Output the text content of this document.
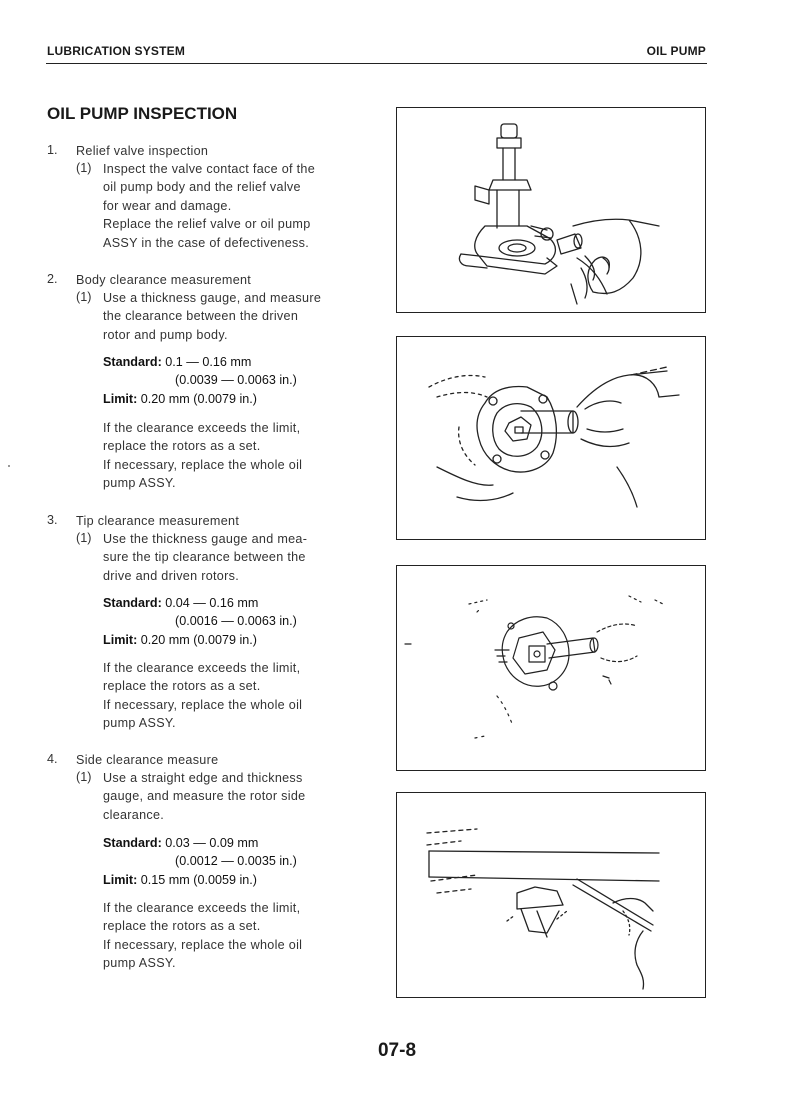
LUBRICATION SYSTEM	OIL PUMP
OIL PUMP INSPECTION
1. Relief valve inspection
(1) Inspect the valve contact face of the
oil pump body and the relief valve
for wear and damage.
Replace the relief valve or oil pump
ASSY in the case of defectiveness.
2. Body clearance measurement
(1) Use a thickness gauge, and measure
the clearance between the driven
rotor and pump body.
Standard: 0.1 — 0.16 mm

(0.0039 — 0.0063 in.)
Limit: 0.20 mm (0.0079 in.)
If the clearance exceeds the limit,
replace the rotors as a set.
If necessary, replace the whole oil
pump ASSY.
3. Tip clearance measurement
(1) Use the thickness gauge and mea-
sure the tip clearance between the
drive and driven rotors.
Standard: 0.04 — 0.16 mm

(0.0016 — 0.0063 in.)
Limit: 0.20 mm (0.0079 in.)
If the clearance exceeds the limit,
replace the rotors as a set.
If necessary, replace the whole oil
pump ASSY.
4. Side clearance measure
(1) Use a straight edge and thickness
gauge, and measure the rotor side
clearance.
Standard: 0.03 — 0.09 mm

(0.0012 — 0.0035 in.)
Limit: 0.15 mm (0.0059 in.)
If the clearance exceeds the limit,
replace the rotors as a set.
If necessary, replace the whole oil
pump ASSY.
07-8
